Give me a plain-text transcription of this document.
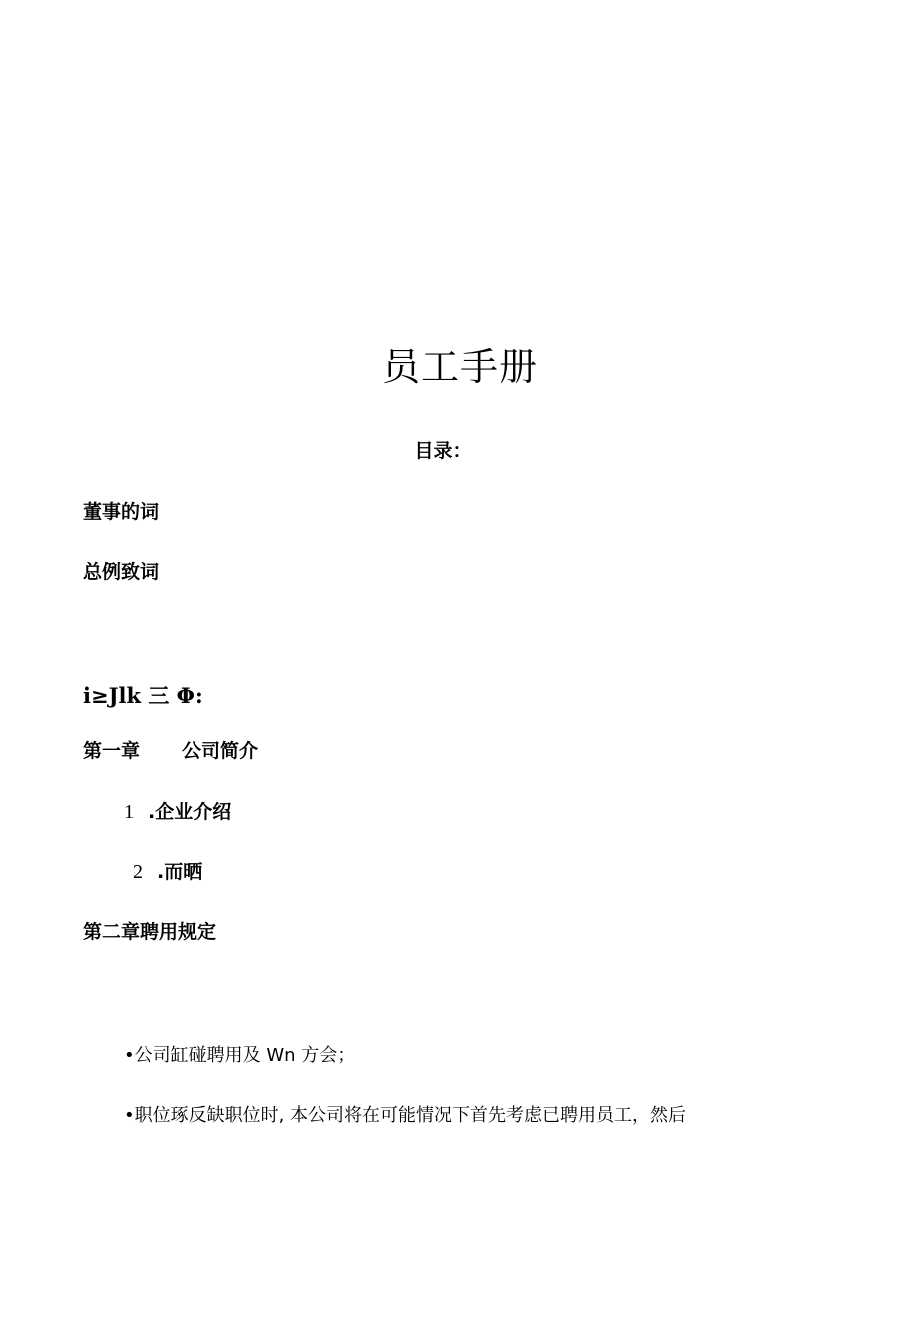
员工手册
目录：
董事的词
总例致词
i≥Jlk 三 Φ:
第一章 公司简介
1 .企业介绍
2 .而晒
第二章聘用规定
•公司缸碰聘用及 Wn 方会；
•职位琢反缺职位时, 本公司将在可能情况下首先考虑已聘用员工，然后
